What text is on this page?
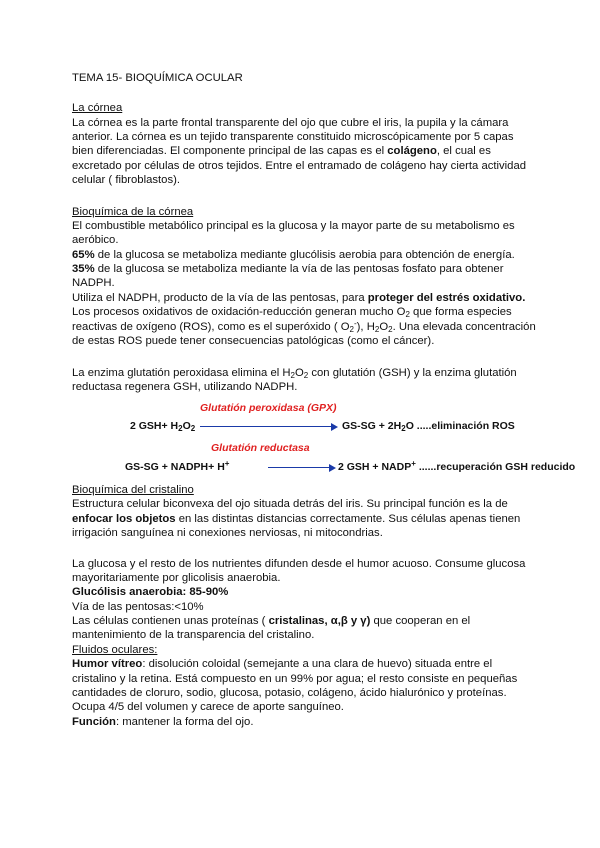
TEMA 15- BIOQUÍMICA OCULAR
La córnea
La córnea es la parte frontal transparente del ojo que cubre el iris, la pupila y la cámara
anterior. La córnea es un tejido transparente constituido microscópicamente por 5 capas
bien diferenciadas. El componente principal de las capas es el colágeno, el cual es
excretado por células de otros tejidos. Entre el entramado de colágeno hay cierta actividad
celular ( fibroblastos).
Bioquímica de la córnea
El combustible metabólico principal es la glucosa y la mayor parte de su metabolismo es
aeróbico.
65% de la glucosa se metaboliza mediante glucólisis aerobia para obtención de energía.
35% de la glucosa se metaboliza mediante la vía de las pentosas fosfato para obtener
NADPH.
Utiliza el NADPH, producto de la vía de las pentosas, para proteger del estrés oxidativo.
Los procesos oxidativos de oxidación-reducción generan mucho $O_2$ que forma especies
reactivas de oxígeno (ROS), como es el superóxido ( $O_2^-$), $H_2O_2$. Una elevada concentración
de estas ROS puede tener consecuencias patológicas (como el cáncer).
La enzima glutatión peroxidasa elimina el $H_2O_2$ con glutatión (GSH) y la enzima glutatión
reductasa regenera GSH, utilizando NADPH.
Glutatión peroxidasa (GPX)
2 $GSH+ H_2O_2$	$GS-SG + 2H_2O$ .....eliminación ROS
Glutatión reductasa
GS-SG + NADPH+ H+	2 GSH + NADP+ ......recuperación GSH reducido
Bioquímica del cristalino
Estructura celular biconvexa del ojo situada detrás del iris. Su principal función es la de
enfocar los objetos en las distintas distancias correctamente. Sus células apenas tienen
irrigación sanguínea ni conexiones nerviosas, ni mitocondrias.
La glucosa y el resto de los nutrientes difunden desde el humor acuoso. Consume glucosa
mayoritariamente por glicolisis anaerobia.
Glucólisis anaerobia: 85-90%
Vía de las pentosas:<10%
Las células contienen unas proteínas ( cristalinas, α,β y γ) que cooperan en el
mantenimiento de la transparencia del cristalino.
Fluidos oculares:
Humor vítreo: disolución coloidal (semejante a una clara de huevo) situada entre el
cristalino y la retina. Está compuesto en un 99% por agua; el resto consiste en pequeñas
cantidades de cloruro, sodio, glucosa, potasio, colágeno, ácido hialurónico y proteínas.
Ocupa 4/5 del volumen y carece de aporte sanguíneo.
Función: mantener la forma del ojo.
